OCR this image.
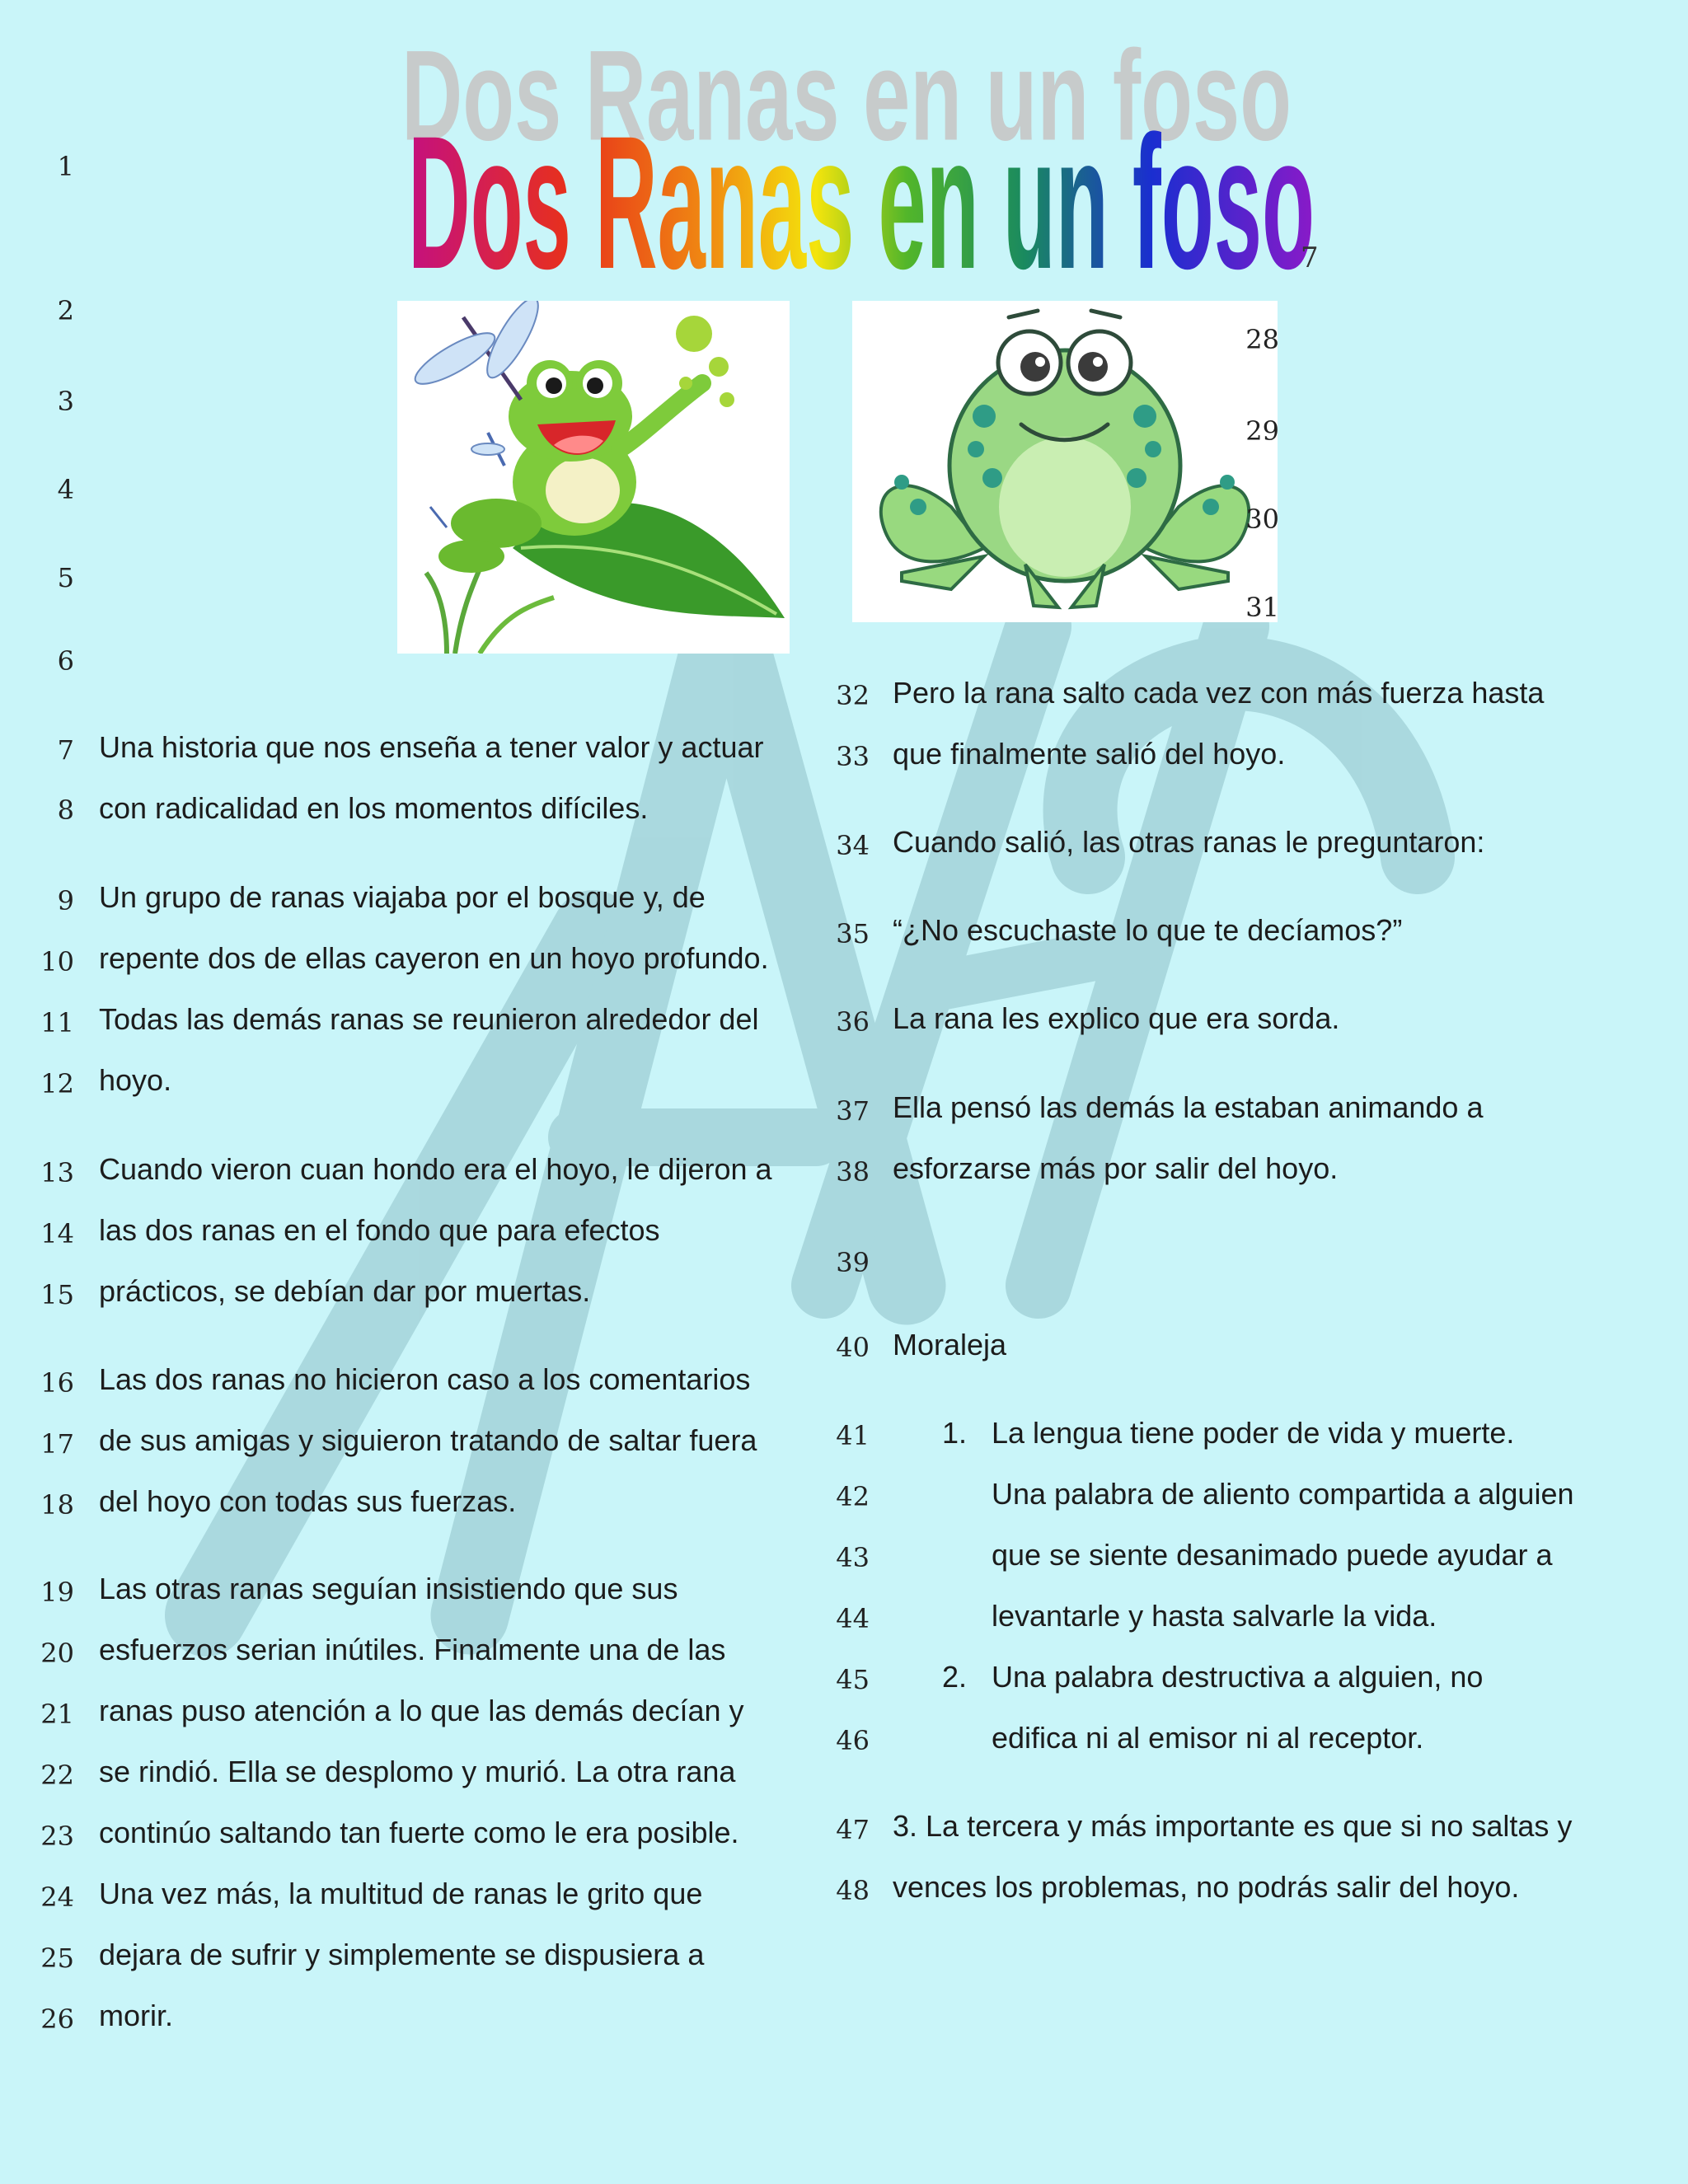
Dos Ranas en un foso
Dos Ranas en un foso
7
1
2
3
4
5
6
7
8
9
10
11
12
13
14
15
16
17
18
19
20
21
22
23
24
25
26
28
29
30
31
32
33
34
35
36
37
38
39
40
41
42
43
44
45
46
47
48
Una historia que nos enseña a tener valor y actuar
con radicalidad en los momentos difíciles.
Un grupo de ranas viajaba por el bosque y, de
repente dos de ellas cayeron en un hoyo profundo.
Todas las demás ranas se reunieron alrededor del
hoyo.
Cuando vieron cuan hondo era el hoyo, le dijeron a
las dos ranas en el fondo que para efectos
prácticos, se debían dar por muertas.
Las dos ranas no hicieron caso a los comentarios
de sus amigas y siguieron tratando de saltar fuera
del hoyo con todas sus fuerzas.
Las otras ranas seguían insistiendo que sus
esfuerzos serian inútiles. Finalmente una de las
ranas puso atención a lo que las demás decían y
se rindió. Ella se desplomo y murió. La otra rana
continúo saltando tan fuerte como le era posible.
Una vez más, la multitud de ranas le grito que
dejara de sufrir y simplemente se dispusiera a
morir.
Pero la rana salto cada vez con más fuerza hasta
que finalmente salió del hoyo.
Cuando salió, las otras ranas le preguntaron:
“¿No escuchaste lo que te decíamos?”
La rana les explico que era sorda.
Ella pensó las demás la estaban animando a
esforzarse más por salir del hoyo.
Moraleja
1. La lengua tiene poder de vida y muerte.
Una palabra de aliento compartida a alguien
que se siente desanimado puede ayudar a
levantarle y hasta salvarle la vida.
2. Una palabra destructiva a alguien, no
edifica ni al emisor ni al receptor.
3. La tercera y más importante es que si no saltas y
vences los problemas, no podrás salir del hoyo.
